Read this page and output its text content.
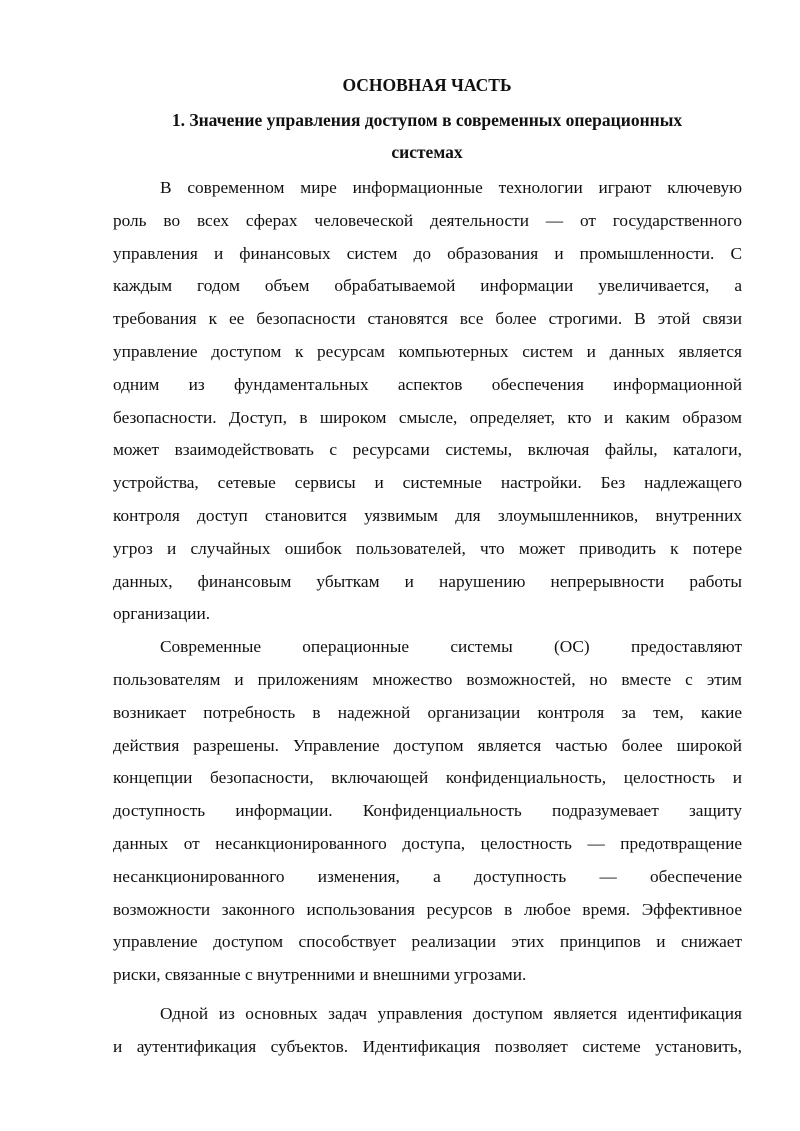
ОСНОВНАЯ ЧАСТЬ
1. Значение управления доступом в современных операционных
системах

В современном мире информационные технологии играют ключевую
роль во всех сферах человеческой деятельности — от государственного
управления и финансовых систем до образования и промышленности. С
каждым годом объем обрабатываемой информации увеличивается, а
требования к ее безопасности становятся все более строгими. В этой связи
управление доступом к ресурсам компьютерных систем и данных является
одним из фундаментальных аспектов обеспечения информационной
безопасности. Доступ, в широком смысле, определяет, кто и каким образом
может взаимодействовать с ресурсами системы, включая файлы, каталоги,
устройства, сетевые сервисы и системные настройки. Без надлежащего
контроля доступ становится уязвимым для злоумышленников, внутренних
угроз и случайных ошибок пользователей, что может приводить к потере
данных, финансовым убыткам и нарушению непрерывности работы
организации.

Современные операционные системы (ОС) предоставляют
пользователям и приложениям множество возможностей, но вместе с этим
возникает потребность в надежной организации контроля за тем, какие
действия разрешены. Управление доступом является частью более широкой
концепции безопасности, включающей конфиденциальность, целостность и
доступность информации. Конфиденциальность подразумевает защиту
данных от несанкционированного доступа, целостность — предотвращение
несанкционированного изменения, а доступность — обеспечение
возможности законного использования ресурсов в любое время. Эффективное
управление доступом способствует реализации этих принципов и снижает
риски, связанные с внутренними и внешними угрозами.

Одной из основных задач управления доступом является идентификация
и аутентификация субъектов. Идентификация позволяет системе установить,
